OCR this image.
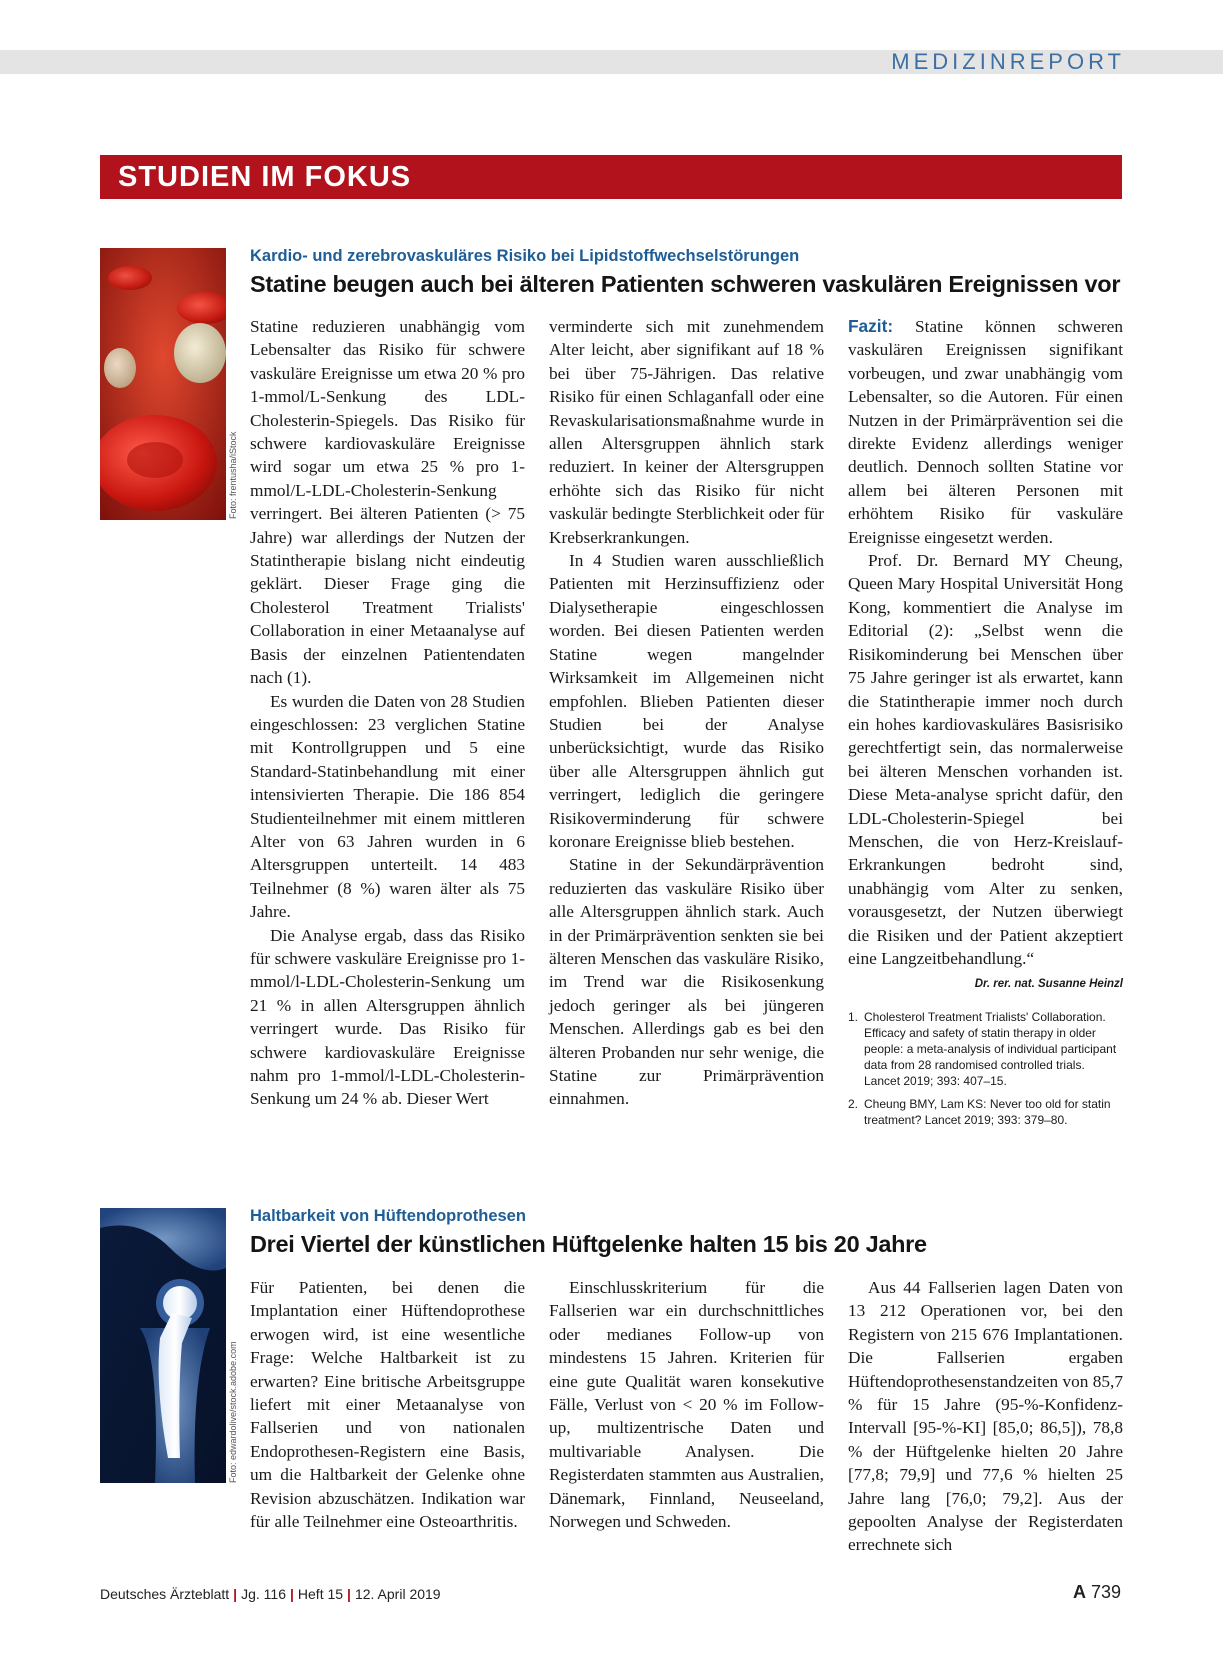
MEDIZINREPORT
STUDIEN IM FOKUS
Foto: frentusha/iStock
Kardio- und zerebrovaskuläres Risiko bei Lipidstoffwechselstörungen
Statine beugen auch bei älteren Patienten schweren vaskulären Ereignissen vor

Statine reduzieren unabhängig vom Lebensalter das Risiko für schwere vaskuläre Ereignisse um etwa 20 % pro 1-mmol/L-Senkung des LDL-Cholesterin-Spiegels. Das Risiko für schwere kardiovaskuläre Ereignisse wird sogar um etwa 25 % pro 1-mmol/L-LDL-Cholesterin-Senkung verringert. Bei älteren Patienten (> 75 Jahre) war allerdings der Nutzen der Statintherapie bislang nicht eindeutig geklärt. Dieser Frage ging die Cholesterol Treatment Trialists' Collaboration in einer Metaanalyse auf Basis der einzelnen Patientendaten nach (1).

Es wurden die Daten von 28 Studien eingeschlossen: 23 verglichen Statine mit Kontrollgruppen und 5 eine Standard-Statinbehandlung mit einer intensivierten Therapie. Die 186 854 Studienteilnehmer mit einem mittleren Alter von 63 Jahren wurden in 6 Altersgruppen unterteilt. 14 483 Teilnehmer (8 %) waren älter als 75 Jahre.

Die Analyse ergab, dass das Risiko für schwere vaskuläre Ereignisse pro 1-mmol/l-LDL-Cholesterin-Senkung um 21 % in allen Altersgruppen ähnlich verringert wurde. Das Risiko für schwere kardiovaskuläre Ereignisse nahm pro 1-mmol/l-LDL-Cholesterin-Senkung um 24 % ab. Dieser Wert

verminderte sich mit zunehmendem Alter leicht, aber signifikant auf 18 % bei über 75-Jährigen. Das relative Risiko für einen Schlaganfall oder eine Revaskularisationsmaßnahme wurde in allen Altersgruppen ähnlich stark reduziert. In keiner der Altersgruppen erhöhte sich das Risiko für nicht vaskulär bedingte Sterblichkeit oder für Krebserkrankungen.

In 4 Studien waren ausschließlich Patienten mit Herzinsuffizienz oder Dialysetherapie eingeschlossen worden. Bei diesen Patienten werden Statine wegen mangelnder Wirksamkeit im Allgemeinen nicht empfohlen. Blieben Patienten dieser Studien bei der Analyse unberücksichtigt, wurde das Risiko über alle Altersgruppen ähnlich gut verringert, lediglich die geringere Risikoverminderung für schwere koronare Ereignisse blieb bestehen.

Statine in der Sekundärprävention reduzierten das vaskuläre Risiko über alle Altersgruppen ähnlich stark. Auch in der Primärprävention senkten sie bei älteren Menschen das vaskuläre Risiko, im Trend war die Risikosenkung jedoch geringer als bei jüngeren Menschen. Allerdings gab es bei den älteren Probanden nur sehr wenige, die Statine zur Primärprävention einnahmen.

Fazit: Statine können schweren vaskulären Ereignissen signifikant vorbeugen, und zwar unabhängig vom Lebensalter, so die Autoren. Für einen Nutzen in der Primärprävention sei die direkte Evidenz allerdings weniger deutlich. Dennoch sollten Statine vor allem bei älteren Personen mit erhöhtem Risiko für vaskuläre Ereignisse eingesetzt werden.

Prof. Dr. Bernard MY Cheung, Queen Mary Hospital Universität Hong Kong, kommentiert die Analyse im Editorial (2): „Selbst wenn die Risikominderung bei Menschen über 75 Jahre geringer ist als erwartet, kann die Statintherapie immer noch durch ein hohes kardiovaskuläres Basisrisiko gerechtfertigt sein, das normalerweise bei älteren Menschen vorhanden ist. Diese Meta-analyse spricht dafür, den LDL-Cholesterin-Spiegel bei Menschen, die von Herz-Kreislauf-Erkrankungen bedroht sind, unabhängig vom Alter zu senken, vorausgesetzt, der Nutzen überwiegt die Risiken und der Patient akzeptiert eine Langzeitbehandlung.“

Dr. rer. nat. Susanne Heinzl
1. Cholesterol Treatment Trialists' Collaboration. Efficacy and safety of statin therapy in older people: a meta-analysis of individual participant data from 28 randomised controlled trials. Lancet 2019; 393: 407–15.
2. Cheung BMY, Lam KS: Never too old for statin treatment? Lancet 2019; 393: 379–80.
Foto: edwardolive/stock.adobe.com
Haltbarkeit von Hüftendoprothesen
Drei Viertel der künstlichen Hüftgelenke halten 15 bis 20 Jahre

Für Patienten, bei denen die Implantation einer Hüftendoprothese erwogen wird, ist eine wesentliche Frage: Welche Haltbarkeit ist zu erwarten? Eine britische Arbeitsgruppe liefert mit einer Metaanalyse von Fallserien und von nationalen Endoprothesen-Registern eine Basis, um die Haltbarkeit der Gelenke ohne Revision abzuschätzen. Indikation war für alle Teilnehmer eine Osteoarthritis.

Einschlusskriterium für die Fallserien war ein durchschnittliches oder medianes Follow-up von mindestens 15 Jahren. Kriterien für eine gute Qualität waren konsekutive Fälle, Verlust von < 20 % im Follow-up, multizentrische Daten und multivariable Analysen. Die Registerdaten stammten aus Australien, Dänemark, Finnland, Neuseeland, Norwegen und Schweden.

Aus 44 Fallserien lagen Daten von 13 212 Operationen vor, bei den Registern von 215 676 Implantationen. Die Fallserien ergaben Hüftendoprothesenstandzeiten von 85,7 % für 15 Jahre (95-%-Konfidenz-Intervall [95-%-KI] [85,0; 86,5]), 78,8 % der Hüftgelenke hielten 20 Jahre [77,8; 79,9] und 77,6 % hielten 25 Jahre lang [76,0; 79,2]. Aus der gepoolten Analyse der Registerdaten errechnete sich

Deutsches Ärzteblatt | Jg. 116 | Heft 15 | 12. April 2019	A 739
